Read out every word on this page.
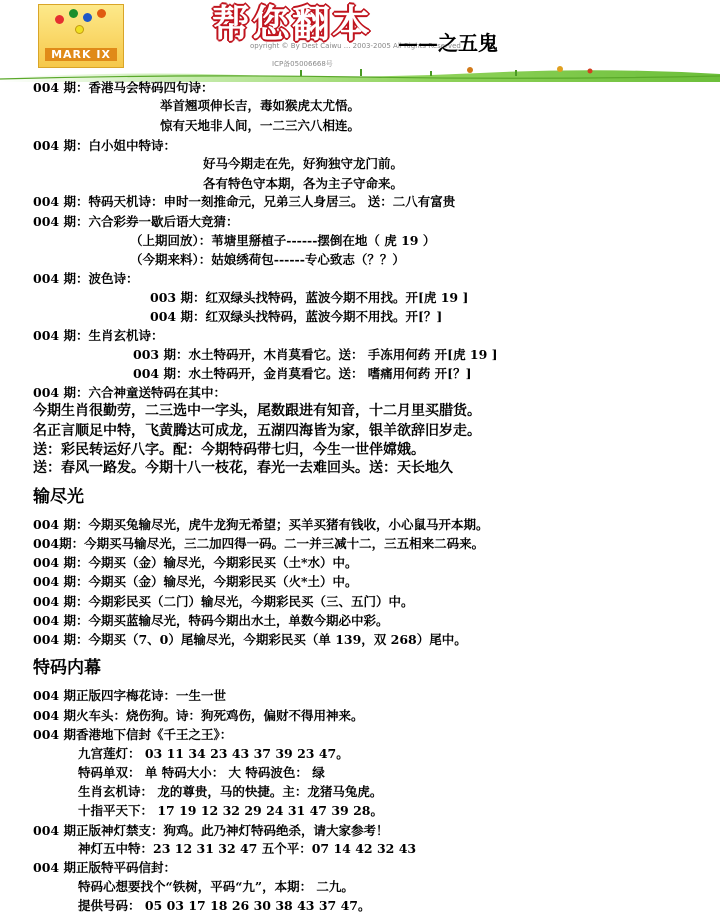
MARK IX
opyright © By Dest Caiwu ... 2003-2005 All Rights Reserved
ICP备05006668号
帮您翻本 ——之五鬼
004 期：香港马会特码四句诗：
举首翘项伸长吉，毒如猴虎太尤悟。
惊有天地非人间，一二三六八相连。
004 期：白小姐中特诗：
好马今期走在先，好狗独守龙门前。
各有特色守本期，各为主子守命来。
004 期：特码天机诗：申时一刻推命元，兄弟三人身居三。 送：二八有富贵
004 期：六合彩券一歇后语大竞猜：
（上期回放）：苇塘里掰植子------摆倒在地（ 虎 19 ）
（今期来料）：姑娘绣荷包------专心致志（？？）
004 期：波色诗：
003 期：红双绿头找特码，蓝波今期不用找。开[虎 19 ]
004 期：红双绿头找特码，蓝波今期不用找。开[？]
004 期：生肖玄机诗：
003 期：水土特码开，木肖莫看它。送： 手冻用何药 开[虎 19 ]
004 期：水土特码开，金肖莫看它。送： 嗜痛用何药 开[？]
004 期：六合神童送特码在其中：
今期生肖很勤劳，二三选中一字头，尾数跟进有知音，十二月里买腊货。
名正言顺足中特，飞黄腾达可成龙，五湖四海皆为家，银羊欲辞旧岁走。
送：彩民转运好八字。配：今期特码带七归，今生一世伴嫦娥。
送：春风一路发。今期十八一枝花，春光一去难回头。送：天长地久
输尽光
004 期：今期买兔输尽光，虎牛龙狗无希望；买羊买猪有钱收，小心鼠马开本期。
004期：今期买马输尽光，三二加四得一码。二一并三减十二，三五相来二码来。
004 期：今期买（金）输尽光，今期彩民买（土*水）中。
004 期：今期买（金）输尽光，今期彩民买（火*土）中。
004 期：今期彩民买（二门）输尽光，今期彩民买（三、五门）中。
004 期：今期买蓝输尽光，特码今期出水土，单数今期必中彩。
004 期：今期买（7、0）尾输尽光，今期彩民买（单 139，双 268）尾中。
特码内幕
004 期正版四字梅花诗：一生一世
004 期火车头：烧伤狗。诗：狗死鸡伤，偏财不得用神来。
004 期香港地下信封《千王之王》：
九宫莲灯： 03 11 34 23 43 37 39 23 47。
特码单双： 单 特码大小： 大 特码波色： 绿
生肖玄机诗： 龙的尊贵，马的快捷。主：龙猪马兔虎。
十指平天下： 17 19 12 32 29 24 31 47 39 28。
004 期正版神灯禁支：狗鸡。此乃神灯特码绝杀，请大家参考！
神灯五中特：23 12 31 32 47 五个平：07 14 42 32 43
004 期正版特平码信封：
特码心想要找个“铁树，平码“九”，本期： 二九。
提供号码： 05 03 17 18 26 30 38 43 37 47。
